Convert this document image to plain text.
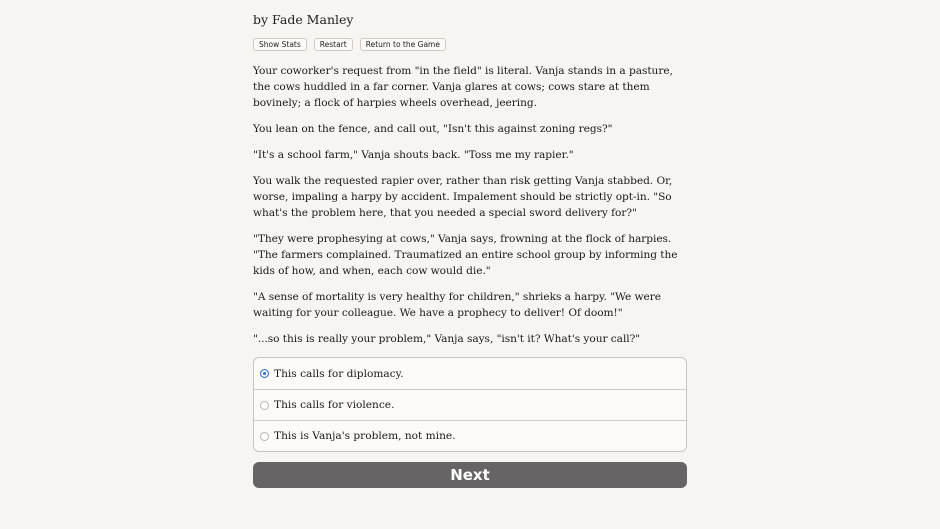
by Fade Manley
Show Stats	Restart	Return to the Game

Your coworker's request from "in the field" is literal. Vanja stands in a pasture, the cows huddled in a far corner. Vanja glares at cows; cows stare at them bovinely; a flock of harpies wheels overhead, jeering.

You lean on the fence, and call out, "Isn't this against zoning regs?"

"It's a school farm," Vanja shouts back. "Toss me my rapier."

You walk the requested rapier over, rather than risk getting Vanja stabbed. Or, worse, impaling a harpy by accident. Impalement should be strictly opt-in. "So what's the problem here, that you needed a special sword delivery for?"

"They were prophesying at cows," Vanja says, frowning at the flock of harpies. "The farmers complained. Traumatized an entire school group by informing the kids of how, and when, each cow would die."

"A sense of mortality is very healthy for children," shrieks a harpy. "We were waiting for your colleague. We have a prophecy to deliver! Of doom!"

"...so this is really your problem," Vanja says, "isn't it? What's your call?"

This calls for diplomacy.
This calls for violence.
This is Vanja's problem, not mine.
Next
